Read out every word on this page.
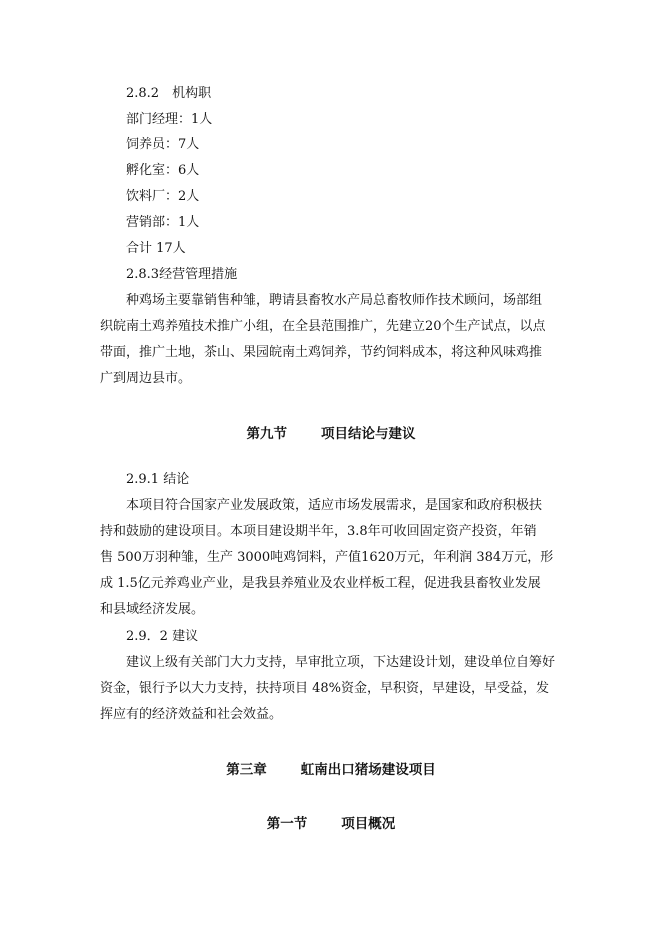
2.8.2　机构职
部门经理：1人
饲养员：7人
孵化室：6人
饮料厂：2人
营销部：1人
合计 17人
2.8.3经营管理措施
种鸡场主要靠销售种雏，聘请县畜牧水产局总畜牧师作技术顾问，场部组
织皖南土鸡养殖技术推广小组，在全县范围推广，先建立20个生产试点，以点
带面，推广土地，茶山、果园皖南土鸡饲养，节约饲料成本，将这种风味鸡推
广到周边县市。
第九节	项目结论与建议
2.9.1 结论
本项目符合国家产业发展政策，适应市场发展需求，是国家和政府积极扶
持和鼓励的建设项目。本项目建设期半年，3.8年可收回固定资产投资，年销
售 500万羽种雏，生产 3000吨鸡饲料，产值1620万元，年利润 384万元，形
成 1.5亿元养鸡业产业，是我县养殖业及农业样板工程，促进我县畜牧业发展
和县域经济发展。
2.9．2 建议
建议上级有关部门大力支持，早审批立项，下达建设计划，建设单位自筹好
资金，银行予以大力支持，扶持项目 48%资金，早积资，早建设，早受益，发
挥应有的经济效益和社会效益。
第三章	虹南出口猪场建设项目
第一节	项目概况
